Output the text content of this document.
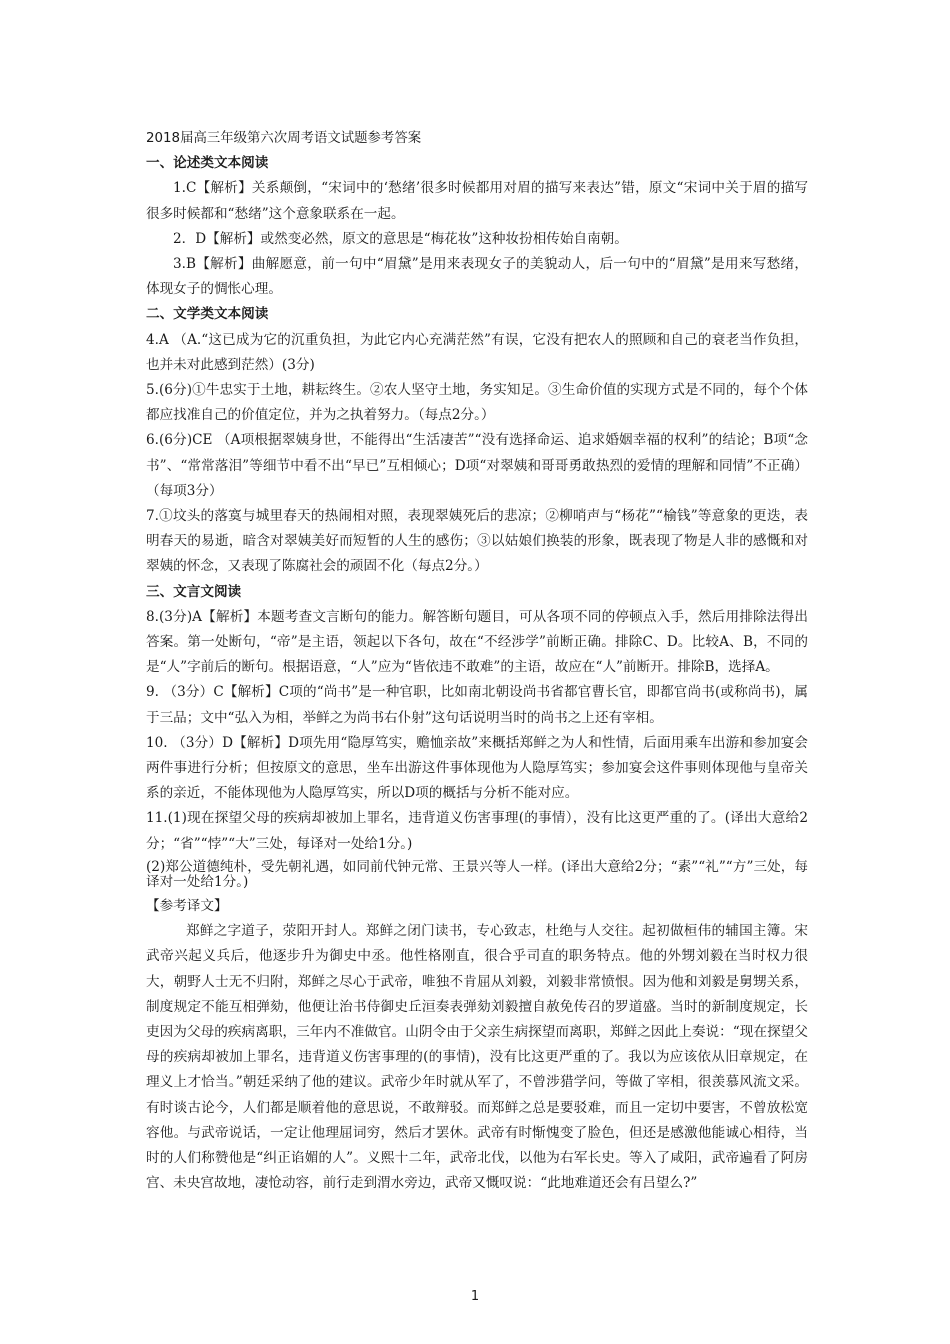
2018届高三年级第六次周考语文试题参考答案

一、论述类文本阅读

1.C【解析】关系颠倒，“宋词中的‘愁绪’很多时候都用对眉的描写来表达”错，原文“宋词中关于眉的描写很多时候都和“愁绪”这个意象联系在一起。

2．D【解析】或然变必然，原文的意思是“梅花妆”这种妆扮相传始自南朝。

3.B【解析】曲解愿意，前一句中“眉黛”是用来表现女子的美貌动人，后一句中的“眉黛”是用来写愁绪，体现女子的惆怅心理。

二、文学类文本阅读

4.A （A.“这已成为它的沉重负担，为此它内心充满茫然”有误，它没有把农人的照顾和自己的衰老当作负担，也并未对此感到茫然）(3分)

5.(6分)①牛忠实于土地，耕耘终生。②农人坚守土地，务实知足。③生命价值的实现方式是不同的，每个个体都应找准自己的价值定位，并为之执着努力。（每点2分。）

6.(6分)CE （A项根据翠姨身世，不能得出“生活凄苦”“没有选择命运、追求婚姻幸福的权利”的结论；B项“念书”、“常常落泪”等细节中看不出“早已”互相倾心；D项“对翠姨和哥哥勇敢热烈的爱情的理解和同情”不正确）（每项3分）

7.①坟头的落寞与城里春天的热闹相对照，表现翠姨死后的悲凉；②柳哨声与“杨花”“榆钱”等意象的更迭，表明春天的易逝，暗含对翠姨美好而短暂的人生的感伤；③以姑娘们换装的形象，既表现了物是人非的感慨和对翠姨的怀念，又表现了陈腐社会的顽固不化（每点2分。）

三、文言文阅读

8.(3分)A【解析】本题考查文言断句的能力。解答断句题目，可从各项不同的停顿点入手，然后用排除法得出答案。第一处断句，“帝”是主语，领起以下各句，故在“不经涉学”前断正确。排除C、D。比较A、B，不同的是“人”字前后的断句。根据语意，“人”应为“皆依违不敢难”的主语，故应在“人”前断开。排除B，选择A。

9. （3分）C【解析】C项的“尚书”是一种官职，比如南北朝设尚书省都官曹长官，即都官尚书(或称尚书)，属于三品；文中“弘入为相，举鲜之为尚书右仆射”这句话说明当时的尚书之上还有宰相。

10. （3分）D【解析】D项先用“隐厚笃实，赡恤亲故”来概括郑鲜之为人和性情，后面用乘车出游和参加宴会两件事进行分析；但按原文的意思，坐车出游这件事体现他为人隐厚笃实；参加宴会这件事则体现他与皇帝关系的亲近，不能体现他为人隐厚笃实，所以D项的概括与分析不能对应。

11.(1)现在探望父母的疾病却被加上罪名，违背道义伤害事理(的事情），没有比这更严重的了。(译出大意给2分；“省”“悖”“大”三处，每译对一处给1分。)

(2)郑公道德纯朴，受先朝礼遇，如同前代钟元常、王景兴等人一样。(译出大意给2分；“素”“礼”“方”三处，每译对一处给1分。)

【参考译文】

郑鲜之字道子，荥阳开封人。郑鲜之闭门读书，专心致志，杜绝与人交往。起初做桓伟的辅国主簿。宋武帝兴起义兵后，他逐步升为御史中丞。他性格刚直，很合乎司直的职务特点。他的外甥刘毅在当时权力很大，朝野人士无不归附，郑鲜之尽心于武帝，唯独不肯屈从刘毅，刘毅非常愤恨。因为他和刘毅是舅甥关系，制度规定不能互相弹劾，他便让治书侍御史丘洹奏表弹劾刘毅擅自赦免传召的罗道盛。当时的新制度规定，长吏因为父母的疾病离职，三年内不准做官。山阴令由于父亲生病探望而离职，郑鲜之因此上奏说：“现在探望父母的疾病却被加上罪名，违背道义伤害事理的(的事情)，没有比这更严重的了。我以为应该依从旧章规定，在理义上才恰当。”朝廷采纳了他的建议。武帝少年时就从军了，不曾涉猎学问，等做了宰相，很羡慕风流文采。有时谈古论今，人们都是顺着他的意思说，不敢辩驳。而郑鲜之总是要驳难，而且一定切中要害，不曾放松宽容他。与武帝说话，一定让他理屈词穷，然后才罢休。武帝有时惭愧变了脸色，但还是感激他能诚心相待，当时的人们称赞他是“纠正谄媚的人”。义熙十二年，武帝北伐，以他为右军长史。等入了咸阳，武帝遍看了阿房宫、未央宫故地，凄怆动容，前行走到渭水旁边，武帝又慨叹说：“此地难道还会有吕望么?”

1
